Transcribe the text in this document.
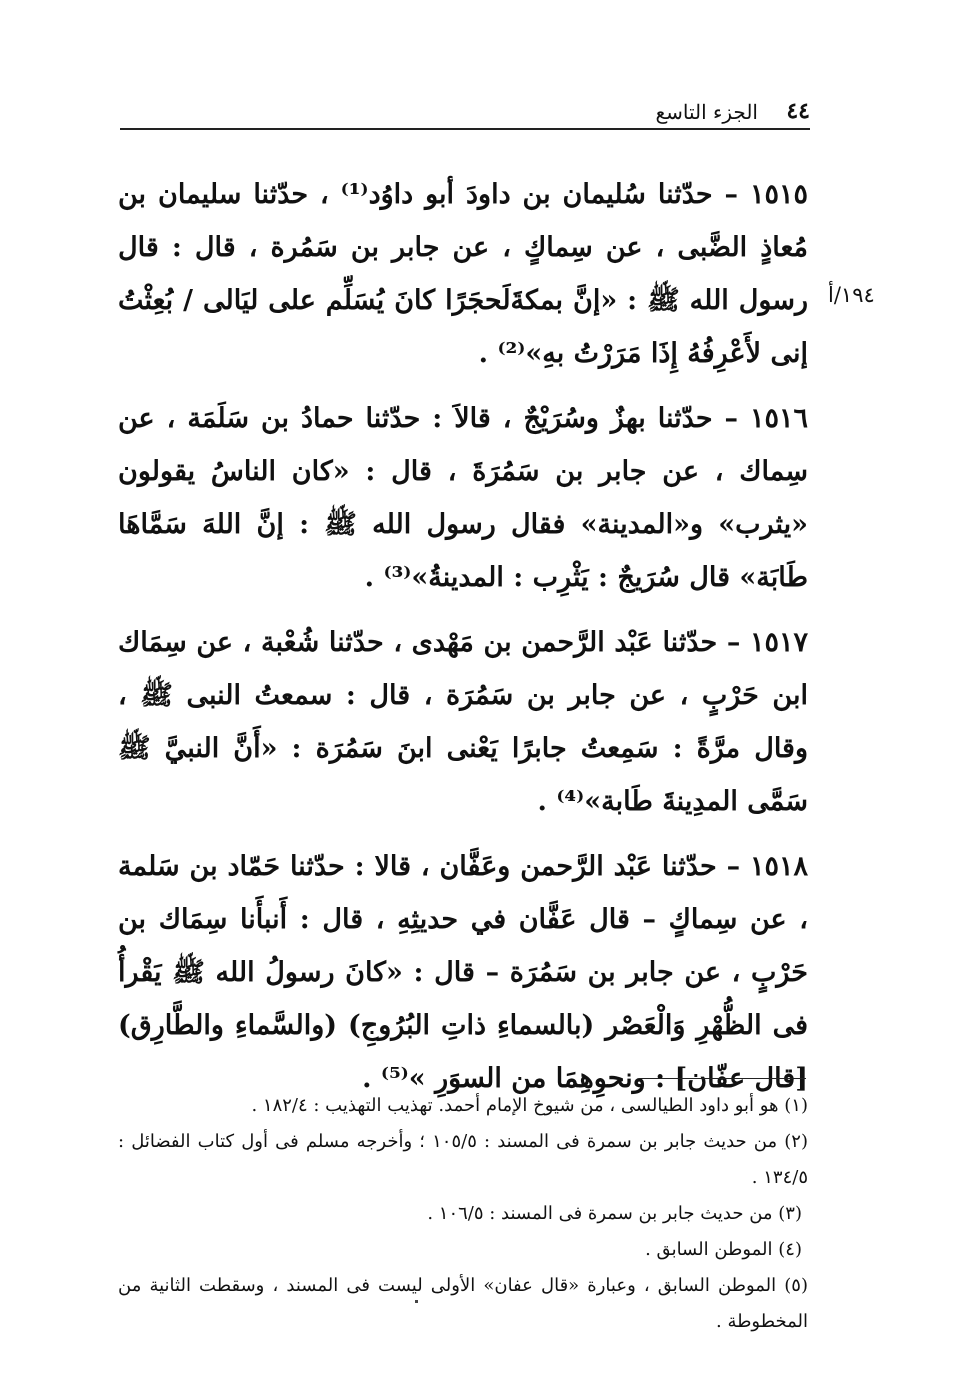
٤٤
الجزء التاسع
١٩٤/أ

١٥١٥ – حدّثنا سُليمان بن داودَ أبو داوُد⁽¹⁾ ، حدّثنا سليمان بن مُعاذٍ الضَّبى ، عن سِماكٍ ، عن جابر بن سَمُرة ، قال : قال رسول الله ﷺ : «إنَّ بمكةَلَحجَرًا كانَ يُسَلِّم على ليَالى / بُعِثْتُ إنى لأَعْرِفُهُ إِذَا مَرَرْتُ بهِ»⁽²⁾ .

١٥١٦ – حدّثنا بهزٌ وسُرَيْجٌ ، قالاَ : حدّثنا حمادُ بن سَلَمَة ، عن سِماك ، عن جابر بن سَمُرَةَ ، قال : «كان الناسُ يقولون «يثرب» و«المدينة» فقال رسول الله ﷺ : إنَّ اللهَ سَمَّاهَا طَابَة» قال سُرَيجٌ : يَثْرِب : المدينةُ»⁽³⁾ .

١٥١٧ – حدّثنا عَبْد الرَّحمن بن مَهْدى ، حدّثنا شُعْبة ، عن سِمَاك ابن حَرْبٍ ، عن جابر بن سَمُرَة ، قال : سمعتُ النبى ﷺ ، وقال مرَّةً : سَمِعتُ جابرًا يَعْنى ابنَ سَمُرَة : «أَنَّ النبيَّ ﷺ سَمَّى المدِينةَ طَابة»⁽⁴⁾ .

١٥١٨ – حدّثنا عَبْد الرَّحمن وعَفَّان ، قالا : حدّثنا حَمّاد بن سَلمة ، عن سِماكٍ – قال عَفَّان في حديثِهِ ، قال : أَنبأَنا سِمَاك بن حَرْبٍ ، عن جابر بن سَمُرَة – قال : «كانَ رسولُ الله ﷺ يَقْرأُ فى الظُّهْرِ وَالْعَصْر (بالسماءِ ذاتِ البُرُوجِ) (والسَّماءِ والطَّارِق) [قال عفّان] : ونحوِهِمَا من السوَرِ »⁽⁵⁾ .

(١) هو أبو داود الطيالسى ، من شيوخ الإمام أحمد. تهذيب التهذيب : ١٨٢/٤ .

(٢) من حديث جابر بن سمرة فى المسند : ١٠٥/٥ ؛ وأخرجه مسلم فى أول كتاب الفضائل : ١٣٤/٥ .

(٣) من حديث جابر بن سمرة فى المسند : ١٠٦/٥ .

(٤) الموطن السابق .

(٥) الموطن السابق ، وعبارة «قال عفان» الأولى ليست فى المسند ، وسقطت الثانية من المخطوطة .
